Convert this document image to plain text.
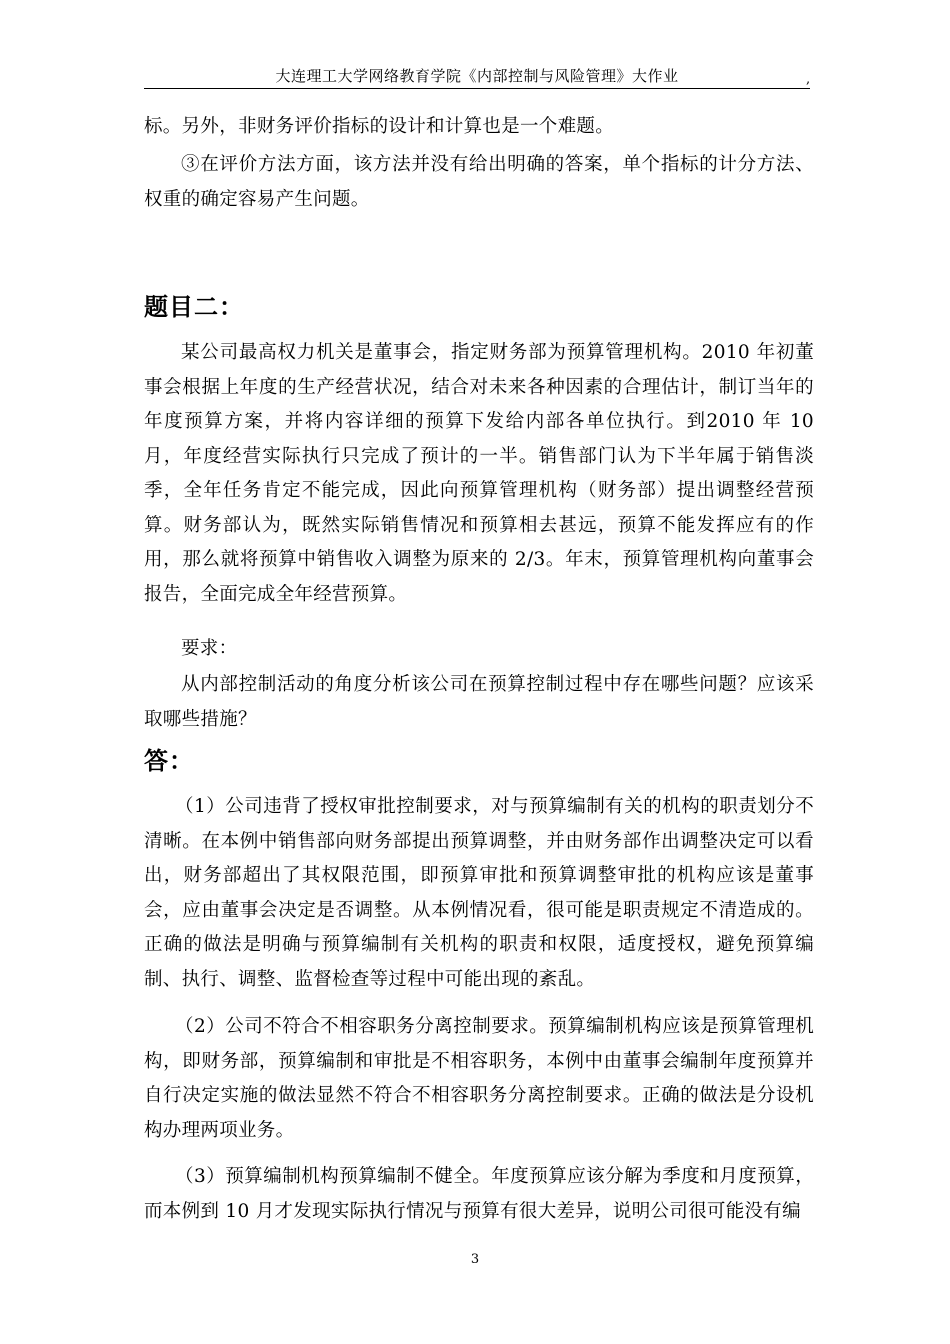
大连理工大学网络教育学院《内部控制与风险管理》大作业	,

标。另外，非财务评价指标的设计和计算也是一个难题。

③在评价方法方面，该方法并没有给出明确的答案，单个指标的计分方法、权重的确定容易产生问题。

题目二：

某公司最高权力机关是董事会，指定财务部为预算管理机构。2010 年初董事会根据上年度的生产经营状况，结合对未来各种因素的合理估计，制订当年的年度预算方案，并将内容详细的预算下发给内部各单位执行。到2010 年 10 月，年度经营实际执行只完成了预计的一半。销售部门认为下半年属于销售淡季，全年任务肯定不能完成，因此向预算管理机构（财务部）提出调整经营预算。财务部认为，既然实际销售情况和预算相去甚远，预算不能发挥应有的作用，那么就将预算中销售收入调整为原来的 2/3。年末，预算管理机构向董事会报告，全面完成全年经营预算。

要求：

从内部控制活动的角度分析该公司在预算控制过程中存在哪些问题？应该采取哪些措施？

答：

（1）公司违背了授权审批控制要求，对与预算编制有关的机构的职责划分不清晰。在本例中销售部向财务部提出预算调整，并由财务部作出调整决定可以看出，财务部超出了其权限范围，即预算审批和预算调整审批的机构应该是董事会，应由董事会决定是否调整。从本例情况看，很可能是职责规定不清造成的。正确的做法是明确与预算编制有关机构的职责和权限，适度授权，避免预算编制、执行、调整、监督检查等过程中可能出现的紊乱。

（2）公司不符合不相容职务分离控制要求。预算编制机构应该是预算管理机构，即财务部，预算编制和审批是不相容职务，本例中由董事会编制年度预算并自行决定实施的做法显然不符合不相容职务分离控制要求。正确的做法是分设机构办理两项业务。

（3）预算编制机构预算编制不健全。年度预算应该分解为季度和月度预算，而本例到 10 月才发现实际执行情况与预算有很大差异，说明公司很可能没有编

3
